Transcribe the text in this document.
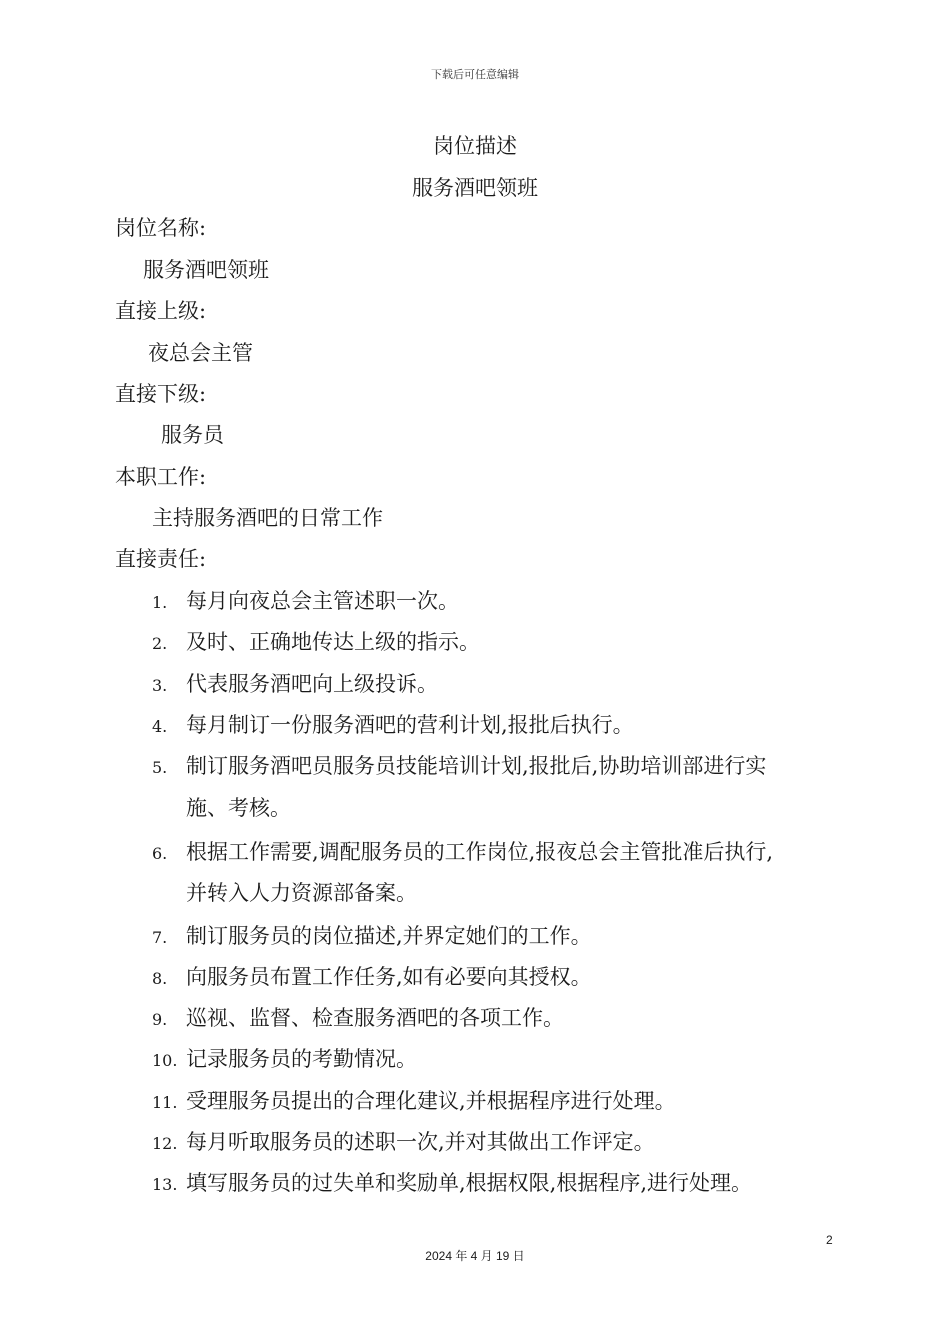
下载后可任意编辑
岗位描述
服务酒吧领班
岗位名称:
服务酒吧领班
直接上级:
夜总会主管
直接下级:
服务员
本职工作:
主持服务酒吧的日常工作
直接责任:
1. 每月向夜总会主管述职一次。
2. 及时、正确地传达上级的指示。
3. 代表服务酒吧向上级投诉。
4. 每月制订一份服务酒吧的营利计划,报批后执行。
5. 制订服务酒吧员服务员技能培训计划,报批后,协助培训部进行实
施、考核。
6. 根据工作需要,调配服务员的工作岗位,报夜总会主管批准后执行,
并转入人力资源部备案。
7. 制订服务员的岗位描述,并界定她们的工作。
8. 向服务员布置工作任务,如有必要向其授权。
9. 巡视、监督、检查服务酒吧的各项工作。
10. 记录服务员的考勤情况。
11. 受理服务员提出的合理化建议,并根据程序进行处理。
12. 每月听取服务员的述职一次,并对其做出工作评定。
13. 填写服务员的过失单和奖励单,根据权限,根据程序,进行处理。
2
2024 年 4 月 19 日
